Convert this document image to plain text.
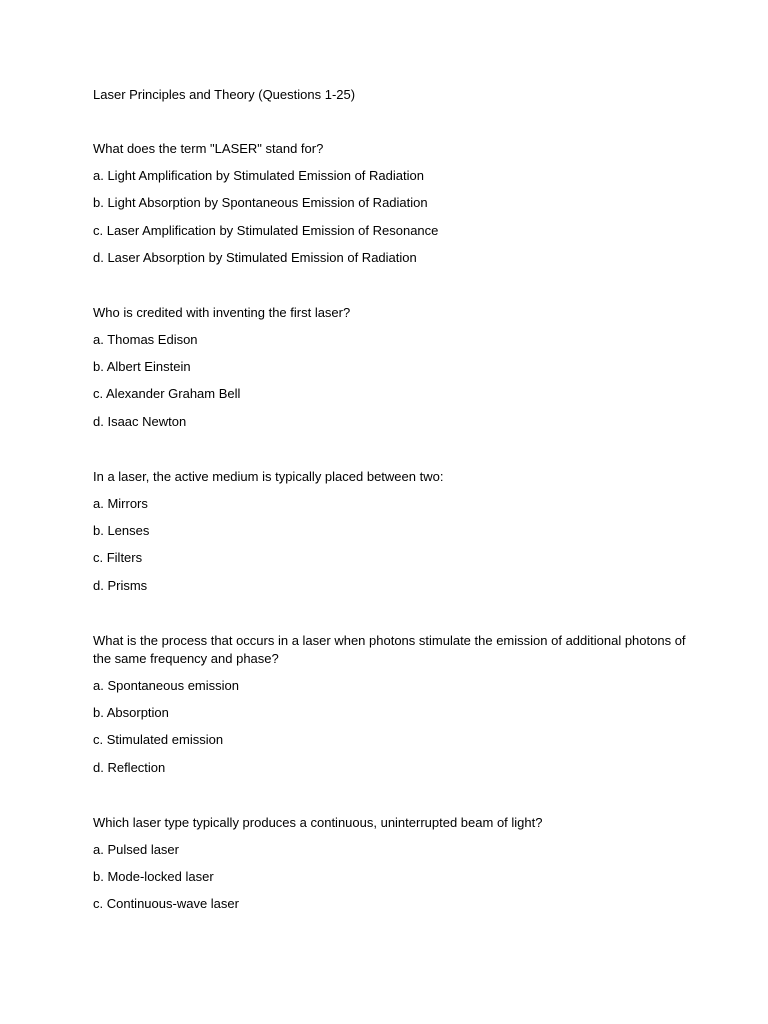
Laser Principles and Theory (Questions 1-25)
What does the term "LASER" stand for?
a. Light Amplification by Stimulated Emission of Radiation
b. Light Absorption by Spontaneous Emission of Radiation
c. Laser Amplification by Stimulated Emission of Resonance
d. Laser Absorption by Stimulated Emission of Radiation
Who is credited with inventing the first laser?
a. Thomas Edison
b. Albert Einstein
c. Alexander Graham Bell
d. Isaac Newton
In a laser, the active medium is typically placed between two:
a. Mirrors
b. Lenses
c. Filters
d. Prisms
What is the process that occurs in a laser when photons stimulate the emission of additional photons of the same frequency and phase?
a. Spontaneous emission
b. Absorption
c. Stimulated emission
d. Reflection
Which laser type typically produces a continuous, uninterrupted beam of light?
a. Pulsed laser
b. Mode-locked laser
c. Continuous-wave laser
